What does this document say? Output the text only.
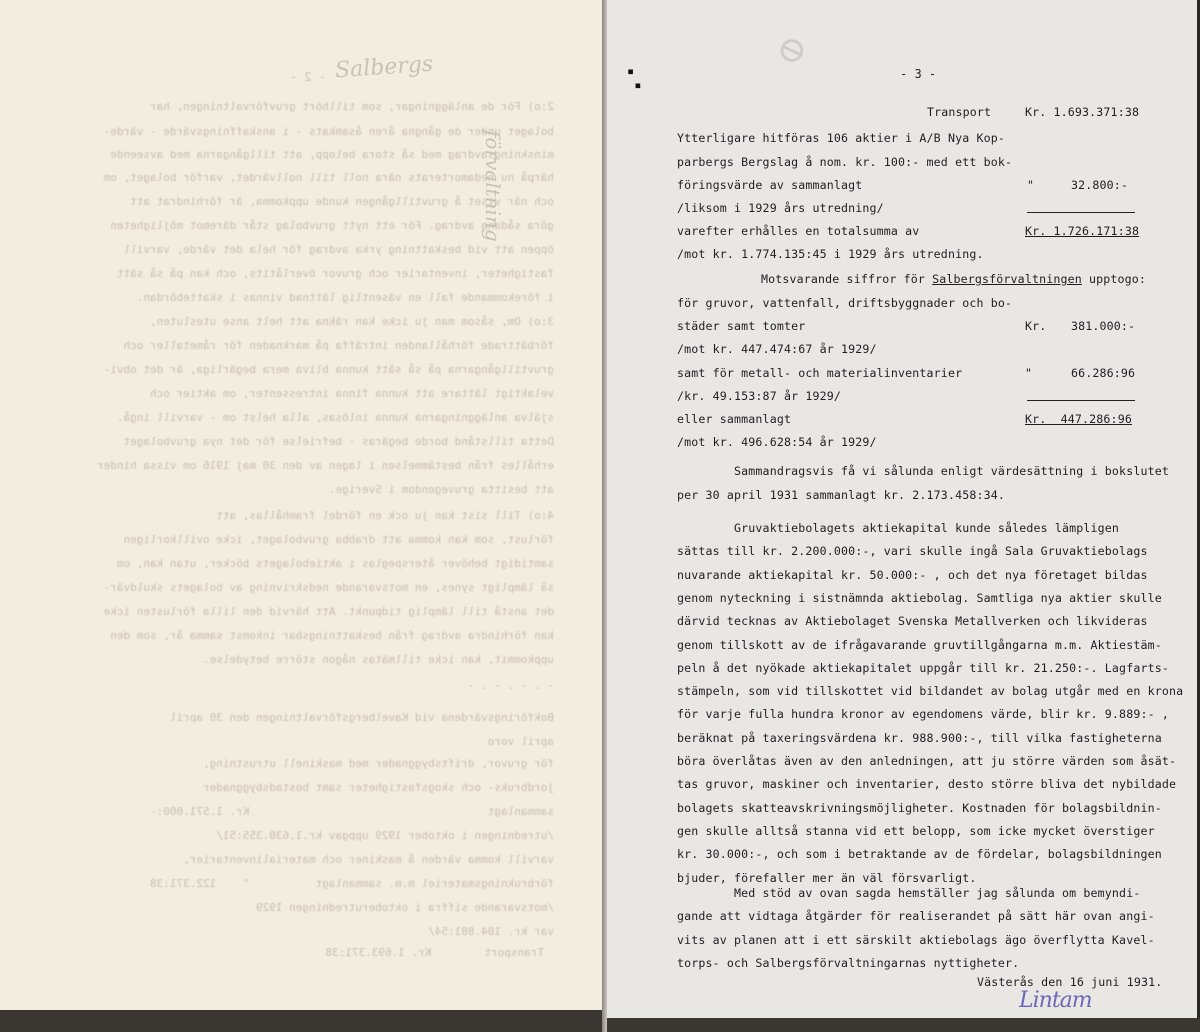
- 2 -
2:o) För de anläggningar, som tillhört gruvförvaltningen, har
bolaget under de gångna åren åsamkats - i anskaffningsvärde - värde-
minskningsavdrag med så stora belopp, att tillgångarna med avseende
härpå nu nedamorterats nära noll till nollvärdet, varför bolaget, om
och när viset å gruvtillgången kunde uppkomma, är förhindrat att
göra sådana avdrag. För ett nytt gruvbolag står däremot möjligheten
öppen att vid beskattning yrka avdrag för hela det värde, varvill
fastigheter, inventarier och gruvor överlåtits, och kan på så sätt
i förekommande fall en väsentlig lättnad vinnas i skattebördan.
3:o) Om, såsom man ju icke kan räkna att helt anse utesluten,
förbättrade förhållanden inträffa på marknaden för råmetaller och
gruvtillgångarna på så sätt kunna bliva mera begärliga, är det obvi-
velaktigt lättare att kunna finna intressenter, om aktier och
själva anläggningarna kunna inlösas, alla helst om - varvill ingå.
Detta tillstånd borde begäras - befrielse för det nya gruvbolaget
erhålles från bestämmelsen i lagen av den 30 maj 1916 om vissa hinder
att besitta gruvegendom i Sverige.
4:o) Till sist kan ju ock en fördel framhållas, att
förlust, som kan komma att drabba gruvbolaget, icke ovillkorligen
samtidigt behöver återspeglas i aktiebolagets böcker, utan kan, om
så lämpligt synes, en motsvarande nedskrivning av bolagets skuldvär-
det anstå till lämplig tidpunkt. Att härvid den lilla förlusten icke
kan förhindra avdrag från beskattningsbar inkomst samma år, som den
uppkommit, kan icke tillmätas någon större betydelse.
- . - . - . -
Bokföringsvärdena vid Kavelbergsförvaltningen den 30 april
april voro
för gruvor, driftsbyggnader med maskinell utrustning,
jordbruks- och skogsfastigheter samt bostadsbyggnader
sammanlagt                                    Kr. 1.571.000:-
/utredningen i oktober 1929 uppgav kr.1.630.355:51/
varvill komma värden å maskiner och materialinventarier,
förbrukningsmateriel m.m. sammanlagt          "    122.371:38
/motsvarande siffra i oktoberutredningen 1929
var kr. 104.801:54/
Transport        Kr. 1.693.371:38
Salbergs
förvaltning
⊘
▪
▪
- 3 -
Transport	Kr. 1.693.371:38
Ytterligare hitföras 106 aktier i A/B Nya Kop-
parbergs Bergslag å nom. kr. 100:- med ett bok-
föringsvärde av sammanlagt	"	32.800:-
/liksom i 1929 års utredning/
varefter erhålles en totalsumma av	Kr. 1.726.171:38
/mot kr. 1.774.135:45 i 1929 års utredning.
Motsvarande siffror för Salbergsförvaltningen upptogo:
för gruvor, vattenfall, driftsbyggnader och bo-
städer samt tomter	Kr. 381.000:-
/mot kr. 447.474:67 år 1929/
samt för metall- och materialinventarier	"	66.286:96
/kr. 49.153:87 år 1929/
eller sammanlagt	Kr.  447.286:96
/mot kr. 496.628:54 år 1929/
Sammandragsvis få vi sålunda enligt värdesättning i bokslutet
per 30 april 1931 sammanlagt kr. 2.173.458:34.
Gruvaktiebolagets aktiekapital kunde således lämpligen
sättas till kr. 2.200.000:-, vari skulle ingå Sala Gruvaktiebolags
nuvarande aktiekapital kr. 50.000:- , och det nya företaget bildas
genom nyteckning i sistnämnda aktiebolag. Samtliga nya aktier skulle
därvid tecknas av Aktiebolaget Svenska Metallverken och likvideras
genom tillskott av de ifrågavarande gruvtillgångarna m.m. Aktiestäm-
peln å det nyökade aktiekapitalet uppgår till kr. 21.250:-. Lagfarts-
stämpeln, som vid tillskottet vid bildandet av bolag utgår med en krona
för varje fulla hundra kronor av egendomens värde, blir kr. 9.889:- ,
beräknat på taxeringsvärdena kr. 988.900:-, till vilka fastigheterna
böra överlåtas även av den anledningen, att ju större värden som åsät-
tas gruvor, maskiner och inventarier, desto större bliva det nybildade
bolagets skatteavskrivningsmöjligheter. Kostnaden för bolagsbildnin-
gen skulle alltså stanna vid ett belopp, som icke mycket överstiger
kr. 30.000:-, och som i betraktande av de fördelar, bolagsbildningen
bjuder, förefaller mer än väl försvarligt.
Med stöd av ovan sagda hemställer jag sålunda om bemyndi-
gande att vidtaga åtgärder för realiserandet på sätt här ovan angi-
vits av planen att i ett särskilt aktiebolags ägo överflytta Kavel-
torps- och Salbergsförvaltningarnas nyttigheter.
Västerås den 16 juni 1931.
Lintam
